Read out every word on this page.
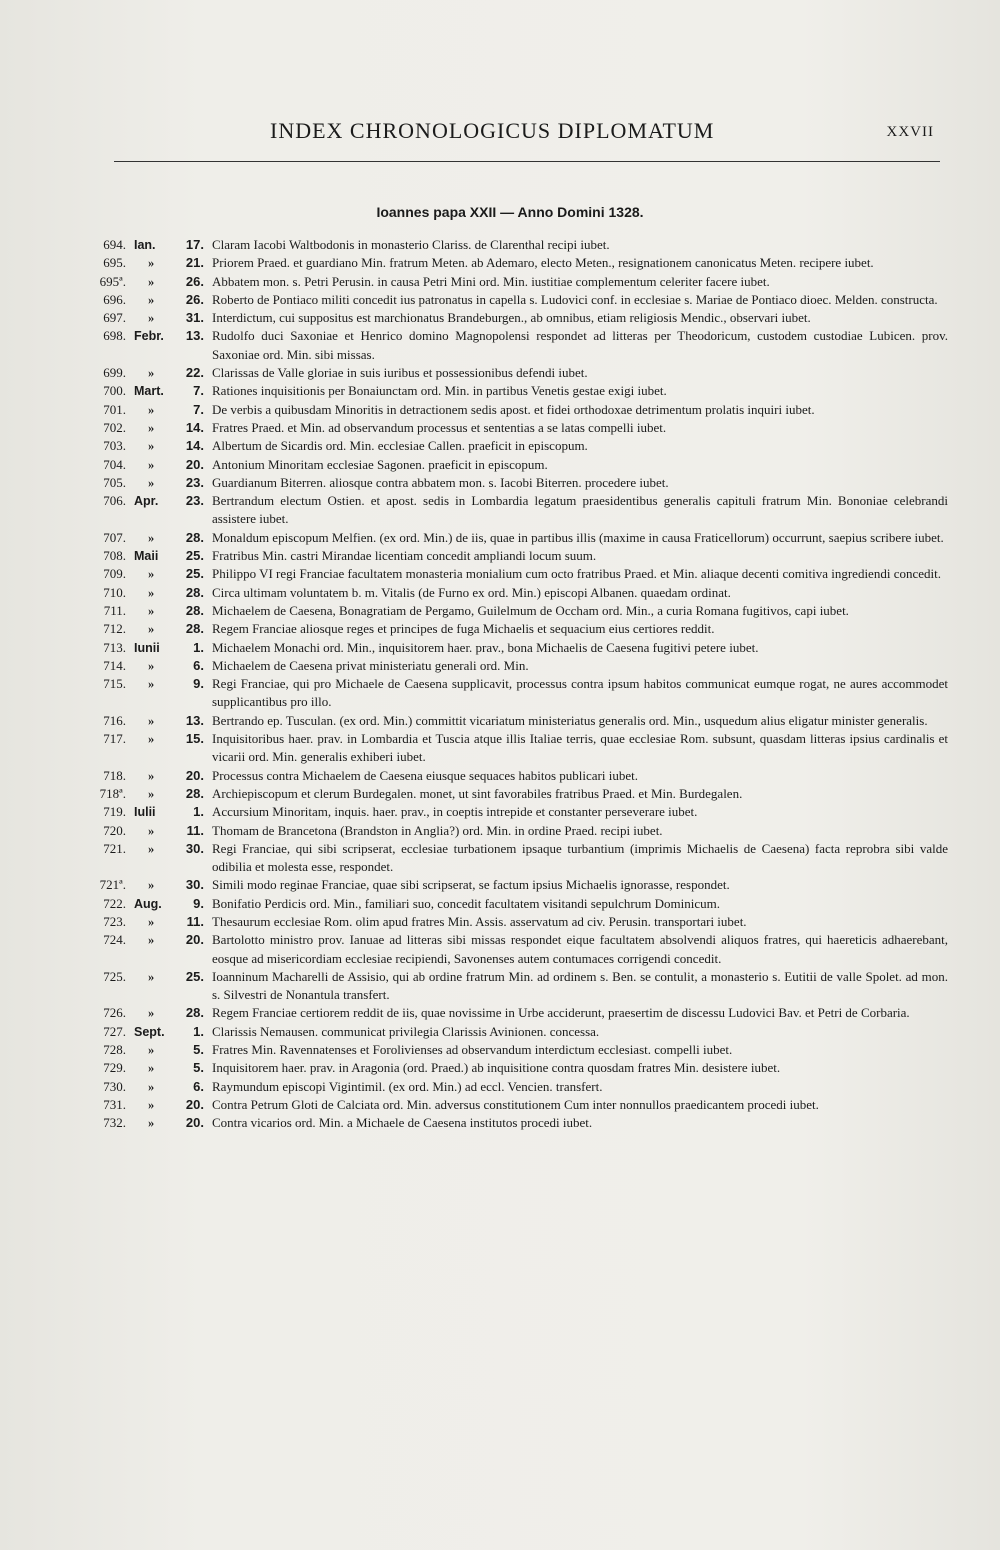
INDEX CHRONOLOGICUS DIPLOMATUM	XXVII
Ioannes papa XXII — Anno Domini 1328.
694. Ian.	17. Claram Iacobi Waltbodonis in monasterio Clariss. de Clarenthal recipi iubet.
695.	»	21. Priorem Praed. et guardiano Min. fratrum Meten. ab Ademaro, electo Meten., resignationem canonicatus Meten. recipere iubet.
695ª.	»	26. Abbatem mon. s. Petri Perusin. in causa Petri Mini ord. Min. iustitiae complementum celeriter facere iubet.
696.	»	26. Roberto de Pontiaco militi concedit ius patronatus in capella s. Ludovici conf. in ecclesiae s. Mariae de Pontiaco dioec. Melden. constructa.
697.	»	31. Interdictum, cui suppositus est marchionatus Brandeburgen., ab omnibus, etiam religiosis Mendic., observari iubet.
698. Febr.	13. Rudolfo duci Saxoniae et Henrico domino Magnopolensi respondet ad litteras per Theodoricum, custodem custodiae Lubicen. prov. Saxoniae ord. Min. sibi missas.
699.	»	22. Clarissas de Valle gloriae in suis iuribus et possessionibus defendi iubet.
700. Mart.	7. Rationes inquisitionis per Bonaiunctam ord. Min. in partibus Venetis gestae exigi iubet.
701.	»	7. De verbis a quibusdam Minoritis in detractionem sedis apost. et fidei orthodoxae detrimentum prolatis inquiri iubet.
702.	»	14. Fratres Praed. et Min. ad observandum processus et sententias a se latas compelli iubet.
703.	»	14. Albertum de Sicardis ord. Min. ecclesiae Callen. praeficit in episcopum.
704.	»	20. Antonium Minoritam ecclesiae Sagonen. praeficit in episcopum.
705.	»	23. Guardianum Biterren. aliosque contra abbatem mon. s. Iacobi Biterren. procedere iubet.
706. Apr.	23. Bertrandum electum Ostien. et apost. sedis in Lombardia legatum praesidentibus generalis capituli fratrum Min. Bononiae celebrandi assistere iubet.
707.	»	28. Monaldum episcopum Melfien. (ex ord. Min.) de iis, quae in partibus illis (maxime in causa Fraticellorum) occurrunt, saepius scribere iubet.
708. Maii	25. Fratribus Min. castri Mirandae licentiam concedit ampliandi locum suum.
709.	»	25. Philippo VI regi Franciae facultatem monasteria monialium cum octo fratribus Praed. et Min. aliaque decenti comitiva ingrediendi concedit.
710.	»	28. Circa ultimam voluntatem b. m. Vitalis (de Furno ex ord. Min.) episcopi Albanen. quaedam ordinat.
711.	»	28. Michaelem de Caesena, Bonagratiam de Pergamo, Guilelmum de Occham ord. Min., a curia Romana fugitivos, capi iubet.
712.	»	28. Regem Franciae aliosque reges et principes de fuga Michaelis et sequacium eius certiores reddit.
713. Iunii	1. Michaelem Monachi ord. Min., inquisitorem haer. prav., bona Michaelis de Caesena fugitivi petere iubet.
714.	»	6. Michaelem de Caesena privat ministeriatu generali ord. Min.
715.	»	9. Regi Franciae, qui pro Michaele de Caesena supplicavit, processus contra ipsum habitos communicat eumque rogat, ne aures accommodet supplicantibus pro illo.
716.	»	13. Bertrando ep. Tusculan. (ex ord. Min.) committit vicariatum ministeriatus generalis ord. Min., usquedum alius eligatur minister generalis.
717.	»	15. Inquisitoribus haer. prav. in Lombardia et Tuscia atque illis Italiae terris, quae ecclesiae Rom. subsunt, quasdam litteras ipsius cardinalis et vicarii ord. Min. generalis exhiberi iubet.
718.	»	20. Processus contra Michaelem de Caesena eiusque sequaces habitos publicari iubet.
718ª.	»	28. Archiepiscopum et clerum Burdegalen. monet, ut sint favorabiles fratribus Praed. et Min. Burdegalen.
719. Iulii	1. Accursium Minoritam, inquis. haer. prav., in coeptis intrepide et constanter perseverare iubet.
720.	»	11. Thomam de Brancetona (Brandston in Anglia?) ord. Min. in ordine Praed. recipi iubet.
721.	»	30. Regi Franciae, qui sibi scripserat, ecclesiae turbationem ipsaque turbantium (imprimis Michaelis de Caesena) facta reprobra sibi valde odibilia et molesta esse, respondet.
721ª.	»	30. Simili modo reginae Franciae, quae sibi scripserat, se factum ipsius Michaelis ignorasse, respondet.
722. Aug.	9. Bonifatio Perdicis ord. Min., familiari suo, concedit facultatem visitandi sepulchrum Dominicum.
723.	»	11. Thesaurum ecclesiae Rom. olim apud fratres Min. Assis. asservatum ad civ. Perusin. transportari iubet.
724.	»	20. Bartolotto ministro prov. Ianuae ad litteras sibi missas respondet eique facultatem absolvendi aliquos fratres, qui haereticis adhaerebant, eosque ad misericordiam ecclesiae recipiendi, Savonenses autem contumaces corrigendi concedit.
725.	»	25. Ioanninum Macharelli de Assisio, qui ab ordine fratrum Min. ad ordinem s. Ben. se contulit, a monasterio s. Eutitii de valle Spolet. ad mon. s. Silvestri de Nonantula transfert.
726.	»	28. Regem Franciae certiorem reddit de iis, quae novissime in Urbe acciderunt, praesertim de discessu Ludovici Bav. et Petri de Corbaria.
727. Sept.	1. Clarissis Nemausen. communicat privilegia Clarissis Avinionen. concessa.
728.	»	5. Fratres Min. Ravennatenses et Forolivienses ad observandum interdictum ecclesiast. compelli iubet.
729.	»	5. Inquisitorem haer. prav. in Aragonia (ord. Praed.) ab inquisitione contra quosdam fratres Min. desistere iubet.
730.	»	6. Raymundum episcopi Vigintimil. (ex ord. Min.) ad eccl. Vencien. transfert.
731.	»	20. Contra Petrum Gloti de Calciata ord. Min. adversus constitutionem Cum inter nonnullos praedicantem procedi iubet.
732.	»	20. Contra vicarios ord. Min. a Michaele de Caesena institutos procedi iubet.
